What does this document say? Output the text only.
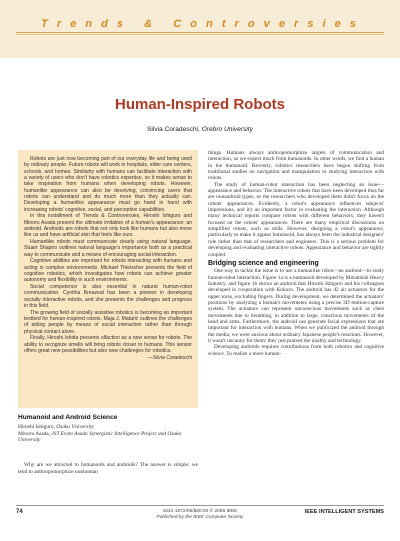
T r e n d s   &   C o n t r o v e r s i e s
Human-Inspired Robots
Silvia Coradeschi, Orebro University

Robots are just now becoming part of our everyday life and being used by ordinary people. Future robots will work in hospitals, elder care centers, schools, and homes. Similarity with humans can facilitate interaction with a variety of users who don't have robotics expertise, so it makes sense to take inspiration from humans when developing robots. However, humanlike appearance can also be deceiving, convincing users that robots can understand and do much more than they actually can. Developing a humanlike appearance must go hand in hand with increasing robots' cognitive, social, and perceptive capabilities.

In this installment of Trends & Controversies, Hiroshi Ishiguro and Minoru Asada present the ultimate imitation of a human's appearance: an android. Androids are robots that not only look like humans but also move like us and have artificial skin that feels like ours.

Humanlike robots must communicate clearly using natural language. Stuart Shapiro outlines natural language's importance both as a practical way to communicate and a means of encouraging social interaction.

Cognitive abilities are important for robots interacting with humans and acting in complex environments. Michael Thielscher presents the field of cognitive robotics, which investigates how robots can achieve greater autonomy and flexibility in such environments.

Social competence is also essential in natural human-robot communication. Cynthia Breazeal has been a pioneer in developing socially interactive robots, and she presents the challenges and progress in this field.

The growing field of socially assistive robotics is becoming an important testbed for human-inspired robots. Maja J. Matarić outlines the challenges of aiding people by means of social interaction rather than through physical contact alone.

Finally, Hiroshi Ishida presents olfaction as a new sense for robots. The ability to recognize smells will bring robots closer to humans. This sensor offers great new possibilities but also new challenges for robotics.

—Silvia Coradeschi
Humanoid and Android Science
Hiroshi Ishiguro, Osaka University
Minoru Asada, JST Erato Asada Synergistic Intelligence Project and Osaka University

Why are we attracted to humanoids and androids? The answer is simple: we tend to anthropomorphize nonhuman

things. Humans always anthropomorphize targets of communication and interaction, so we expect much from humanoids. In other words, we find a human in the humanoid. Recently, robotics researchers have begun shifting from traditional studies on navigation and manipulation to studying interaction with robots.

The study of human-robot interaction has been neglecting an issue—appearance and behavior. The interactive robots that have been developed thus far are nonandroid types, so the researchers who developed them didn't focus on the robots' appearances. Evidently, a robot's appearance influences subjects' impressions, and it's an important factor in evaluating the interaction. Although many technical reports compare robots with different behaviors, they haven't focused on the robots' appearances. There are many empirical discussions on simplified robots, such as dolls. However, designing a robot's appearance, particularly to make it appear humanoid, has always been the industrial designers' role rather than that of researchers and engineers. This is a serious problem for developing and evaluating interactive robots. Appearance and behavior are tightly coupled.

Bridging science and engineering

One way to tackle the issue is to use a humanlike robot—an android—to study human-robot interaction. Figure 1a is a humanoid developed by Mitsubishi Heavy Industry, and figure 1b shows an android that Hiroshi Ishiguro and his colleagues developed in cooperation with Kokoro. The android has 42 air actuators for the upper torso, excluding fingers. During development, we determined the actuators' positions by analyzing a human's movements using a precise 3D motion-capture system. The actuators can represent unconscious movements such as chest movements due to breathing, in addition to large, conscious movements of the head and arms. Furthermore, the android can generate facial expressions that are important for interaction with humans. When we publicized the android through the media, we were anxious about ordinary Japanese people's reactions. However, it wasn't uncanny for them; they just praised the quality and technology.

Developing androids requires contributions from both robotics and cognitive science. To realize a more human-

74	1541-1672/06/$20.00 © 2006 IEEE
Published by the IEEE Computer Society
IEEE INTELLIGENT SYSTEMS
